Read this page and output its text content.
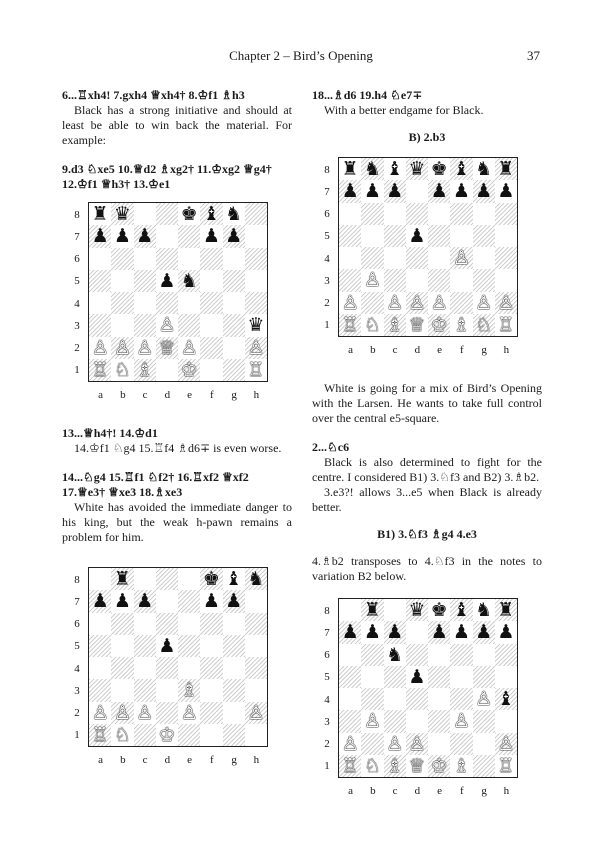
Chapter 2 – Bird’s Opening	37
6...♖xh4! 7.gxh4 ♕xh4† 8.♔f1 ♗h3
Black has a strong initiative and should at least be able to win back the material. For example:
9.d3 ♘xe5 10.♕d2 ♗xg2† 11.♔xg2 ♕g4† 12.♔f1 ♕h3† 13.♔e1
♜ ♛	♚ ♝ ♞
♟ ♟ ♟	♟ ♟
♟ ♞
♙	♛
♙ ♙ ♙ ♕ ♙	♙
♖ ♘ ♗ ♔	♖
8
7
6
5
4
3
2
1
a	b	c	d	e	f	g	h
13...♕h4†! 14.♔d1
14.♔f1 ♘g4 15.♖f4 ♗d6∓ is even worse.
14...♘g4 15.♖f1 ♘f2† 16.♖xf2 ♕xf2 17.♕e3† ♕xe3 18.♗xe3
White has avoided the immediate danger to his king, but the weak h-pawn remains a problem for him.
♜	♚ ♝ ♞
♟ ♟ ♟	♟ ♟
♟
♗
♙ ♙ ♙ ♙	♙
♖ ♘ ♔
8
7
6
5
4
3
2
1
a	b	c	d	e	f	g	h
18...♗d6 19.h4 ♘e7∓
With a better endgame for Black.
B) 2.b3
♜ ♞ ♝ ♛ ♚ ♝ ♞ ♜
♟ ♟ ♟ ♟ ♟ ♟ ♟
♟
♙
♙
♙ ♙ ♙ ♙ ♙ ♙
♖ ♘ ♗ ♕ ♔ ♗ ♘ ♖
8
7
6
5
4
3
2
1
a	b	c	d	e	f	g	h
White is going for a mix of Bird’s Opening with the Larsen. He wants to take full control over the central e5-square.
2...♘c6
Black is also determined to fight for the centre. I considered B1) 3.♘f3 and B2) 3.♗b2.
3.e3?! allows 3...e5 when Black is already better.
B1) 3.♘f3 ♗g4 4.e3
4.♗b2 transposes to 4.♘f3 in the notes to variation B2 below.
♜ ♛ ♚ ♝ ♞ ♜
♟ ♟ ♟ ♟ ♟ ♟ ♟
♞
♟
♙ ♝
♙	♙
♙ ♙ ♙	♙
♖ ♘ ♗ ♕ ♔ ♗ ♖
8
7
6
5
4
3
2
1
a	b	c	d	e	f	g	h
